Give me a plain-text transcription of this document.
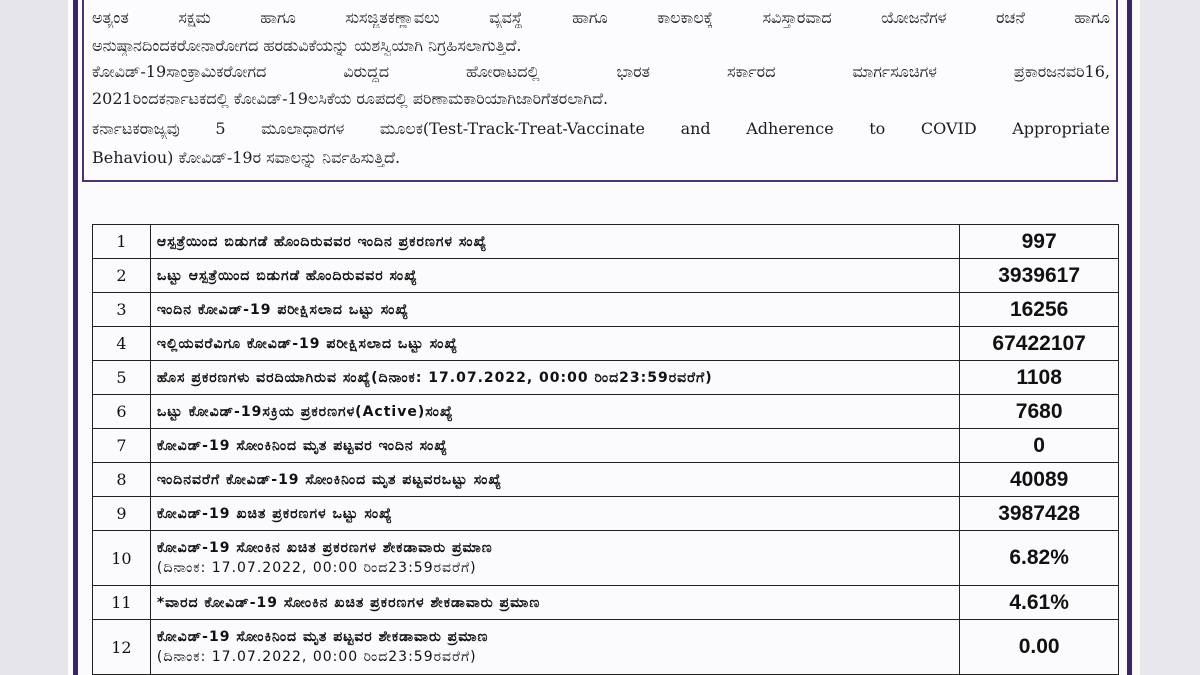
ಅತ್ಯಂತ ಸಕ್ಷಮ ಹಾಗೂ ಸುಸಜ್ಜಿತಕಣ್ಣಾವಲು ವ್ಯವಸ್ಥೆ ಹಾಗೂ ಕಾಲಕಾಲಕ್ಕೆ ಸವಿಸ್ತಾರವಾದ ಯೋಜನೆಗಳ ರಚನೆ ಹಾಗೂ
ಅನುಷ್ಠಾನದಿಂದಕರೋನಾರೋಗದ ಹರಡುವಿಕೆಯನ್ನು ಯಶಸ್ವಿಯಾಗಿ ನಿಗ್ರಹಿಸಲಾಗುತ್ತಿದೆ.
ಕೋವಿಡ್-19ಸಾಂಕ್ರಾಮಿಕರೋಗದ ವಿರುದ್ಧದ ಹೋರಾಟದಲ್ಲಿ ಭಾರತ ಸರ್ಕಾರದ ಮಾರ್ಗಸೂಚಿಗಳ ಪ್ರಕಾರಜನವರಿ16,
2021ರಿಂದಕರ್ನಾಟಕದಲ್ಲಿ ಕೋವಿಡ್-19ಲಸಿಕೆಯ ರೂಪದಲ್ಲಿ ಪರಿಣಾಮಕಾರಿಯಾಗಿಜಾರಿಗೆತರಲಾಗಿದೆ.
ಕರ್ನಾಟಕರಾಜ್ಯವು 5 ಮೂಲಾಧಾರಗಳ ಮೂಲಕ(Test-Track-Treat-Vaccinate and Adherence to COVID Appropriate
Behaviou) ಕೋವಿಡ್-19ರ ಸವಾಲನ್ನು ನಿರ್ವಹಿಸುತ್ತಿದೆ.
1	ಆಸ್ಪತ್ರೆಯಿಂದ ಬಿಡುಗಡೆ ಹೊಂದಿರುವವರ ಇಂದಿನ ಪ್ರಕರಣಗಳ ಸಂಖ್ಯೆ	997
2	ಒಟ್ಟು ಆಸ್ಪತ್ರೆಯಿಂದ ಬಿಡುಗಡೆ ಹೊಂದಿರುವವರ ಸಂಖ್ಯೆ	3939617
3	ಇಂದಿನ ಕೋವಿಡ್-19 ಪರೀಕ್ಷಿಸಲಾದ ಒಟ್ಟು ಸಂಖ್ಯೆ	16256
4	ಇಲ್ಲಿಯವರೆವಿಗೂ ಕೋವಿಡ್-19 ಪರೀಕ್ಷಿಸಲಾದ ಒಟ್ಟು ಸಂಖ್ಯೆ	67422107
5	ಹೊಸ ಪ್ರಕರಣಗಳು ವರದಿಯಾಗಿರುವ ಸಂಖ್ಯೆ(ದಿನಾಂಕ: 17.07.2022, 00:00 ರಿಂದ23:59ರವರೆಗೆ)	1108
6	ಒಟ್ಟು ಕೋವಿಡ್-19ಸಕ್ರಿಯ ಪ್ರಕರಣಗಳ(Active)ಸಂಖ್ಯೆ	7680
7	ಕೋವಿಡ್-19 ಸೋಂಕಿನಿಂದ ಮೃತ ಪಟ್ಟವರ ಇಂದಿನ ಸಂಖ್ಯೆ	0
8	ಇಂದಿನವರೆಗೆ ಕೋವಿಡ್-19 ಸೋಂಕಿನಿಂದ ಮೃತ ಪಟ್ಟವರಒಟ್ಟು ಸಂಖ್ಯೆ	40089
9	ಕೋವಿಡ್-19 ಖಚಿತ ಪ್ರಕರಣಗಳ ಒಟ್ಟು ಸಂಖ್ಯೆ	3987428
10	ಕೋವಿಡ್-19 ಸೋಂಕಿನ ಖಚಿತ ಪ್ರಕರಣಗಳ ಶೇಕಡಾವಾರು ಪ್ರಮಾಣ
(ದಿನಾಂಕ: 17.07.2022, 00:00 ರಿಂದ23:59ರವರೆಗೆ)	6.82%
11	*ವಾರದ ಕೋವಿಡ್-19 ಸೋಂಕಿನ ಖಚಿತ ಪ್ರಕರಣಗಳ ಶೇಕಡಾವಾರು ಪ್ರಮಾಣ	4.61%
12	ಕೋವಿಡ್-19 ಸೋಂಕಿನಿಂದ ಮೃತ ಪಟ್ಟವರ ಶೇಕಡಾವಾರು ಪ್ರಮಾಣ
(ದಿನಾಂಕ: 17.07.2022, 00:00 ರಿಂದ23:59ರವರೆಗೆ)	0.00
